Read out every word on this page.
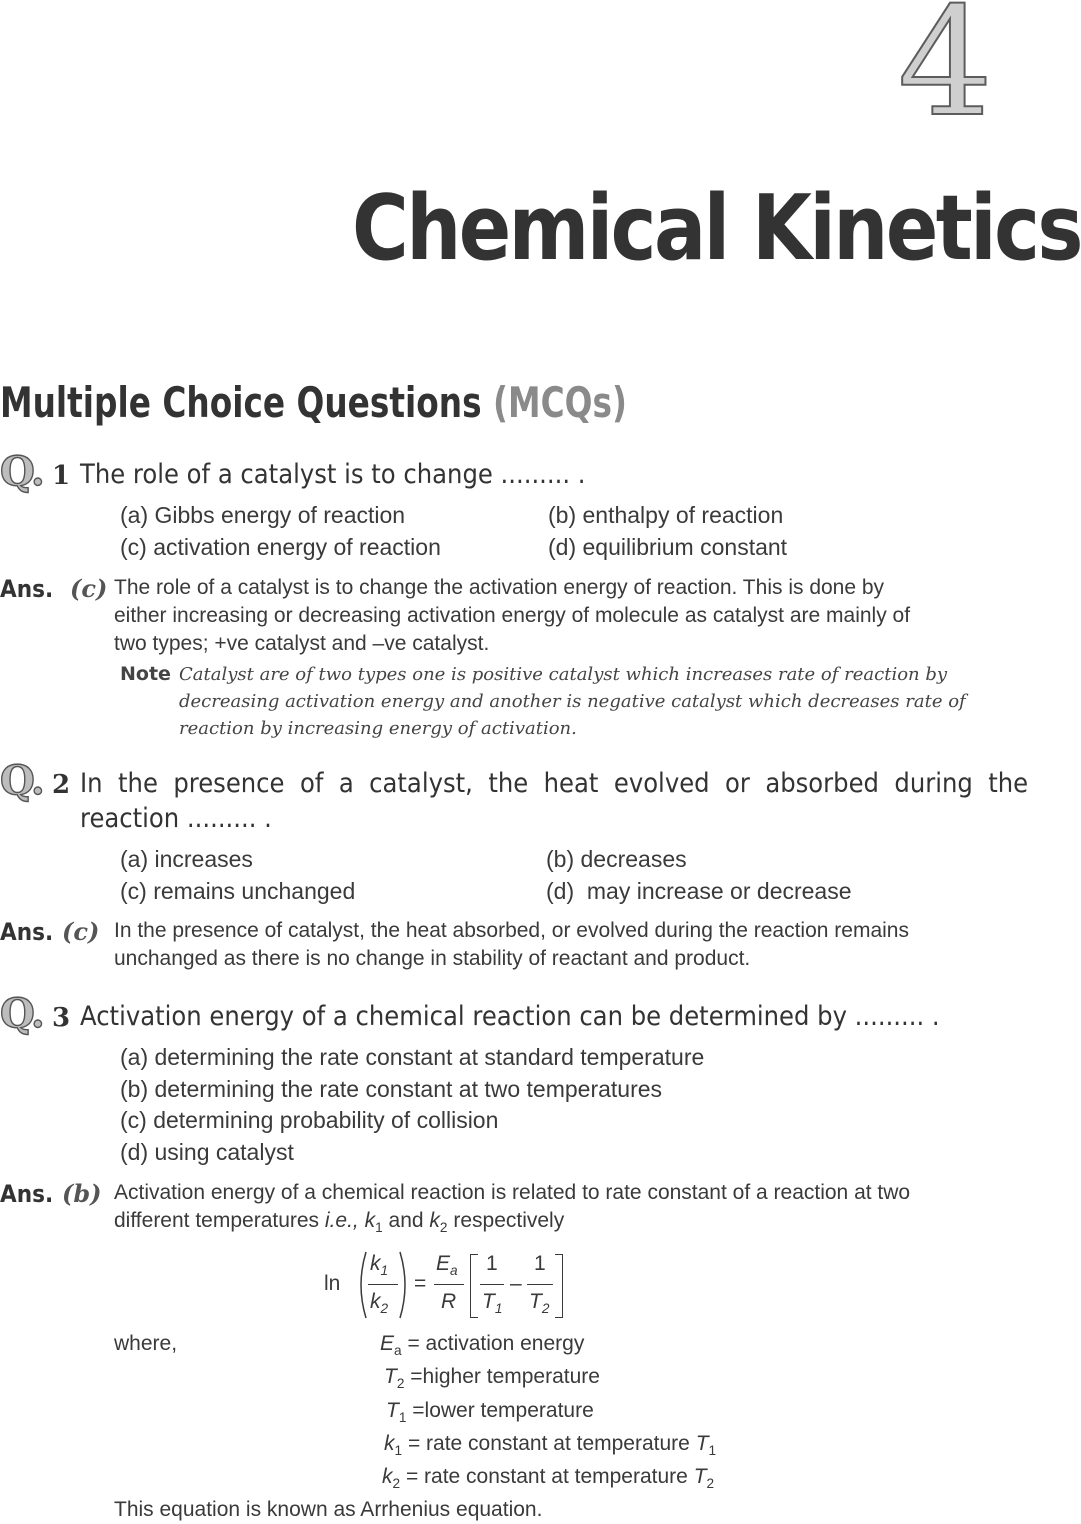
4
Chemical Kinetics
Multiple Choice Questions (MCQs)
Q. 1 The role of a catalyst is to change ......... .
(a) Gibbs energy of reaction	(b) enthalpy of reaction
(c) activation energy of reaction	(d) equilibrium constant
Ans. (c) The role of a catalyst is to change the activation energy of reaction. This is done by
either increasing or decreasing activation energy of molecule as catalyst are mainly of
two types; +ve catalyst and –ve catalyst.
Note Catalyst are of two types one is positive catalyst which increases rate of reaction by
decreasing activation energy and another is negative catalyst which decreases rate of
reaction by increasing energy of activation.
Q. 2 In  the  presence  of  a  catalyst,  the  heat  evolved  or  absorbed  during  the
reaction ......... .
(a) increases	(b) decreases
(c) remains unchanged	(d)  may increase or decrease
Ans. (c) In the presence of catalyst, the heat absorbed, or evolved during the reaction remains
unchanged as there is no change in stability of reactant and product.
Q. 3 Activation energy of a chemical reaction can be determined by ......... .
(a) determining the rate constant at standard temperature
(b) determining the rate constant at two temperatures
(c) determining probability of collision
(d) using catalyst
Ans. (b) Activation energy of a chemical reaction is related to rate constant of a reaction at two
different temperatures i.e., $k_1$ and $k_2$ respectively
ln
$k_1$
$k_2$
=
$E_a$
R
1
$T_1$
–
1
$T_2$
where,	$E_a$ = activation energy
$T_2$ =higher temperature
$T_1$ =lower temperature
$k_1$ = rate constant at temperature $T_1$
$k_2$ = rate constant at temperature $T_2$
This equation is known as Arrhenius equation.
